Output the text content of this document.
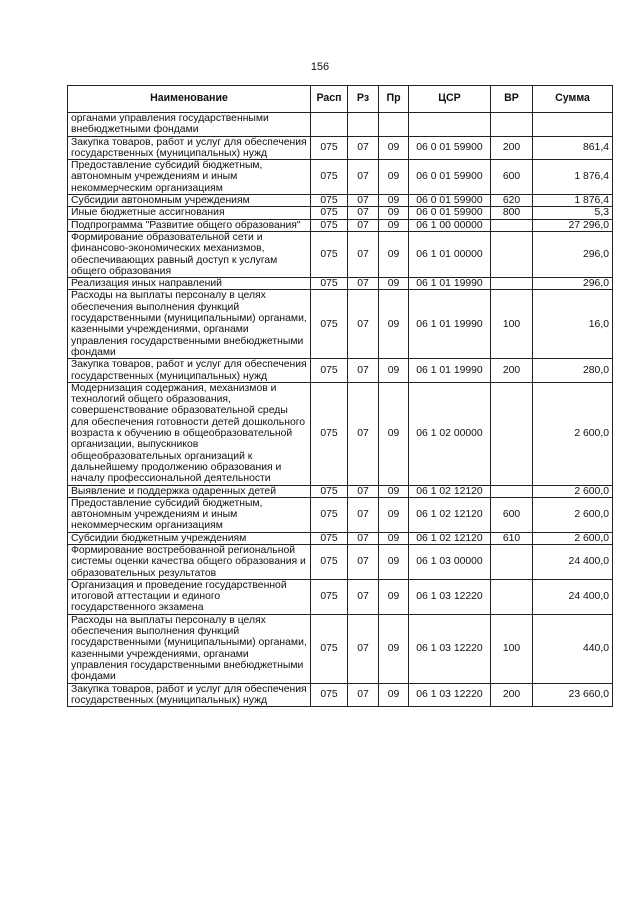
156
Наименование	Расп	Рз	Пр	ЦСР	ВР	Сумма
органами управления государственными внебюджетными фондами						
Закупка товаров, работ и услуг для обеспечения государственных (муниципальных) нужд	075	07	09	06 0 01 59900	200	861,4
Предоставление субсидий бюджетным, автономным учреждениям и иным некоммерческим организациям	075	07	09	06 0 01 59900	600	1 876,4
Субсидии автономным учреждениям	075	07	09	06 0 01 59900	620	1 876,4
Иные бюджетные ассигнования	075	07	09	06 0 01 59900	800	5,3
Подпрограмма "Развитие общего образования"	075	07	09	06 1 00 00000		27 296,0
Формирование образовательной сети и финансово-экономических механизмов, обеспечивающих равный доступ к услугам общего образования	075	07	09	06 1 01 00000		296,0
Реализация иных направлений	075	07	09	06 1 01 19990		296,0
Расходы на выплаты персоналу в целях обеспечения выполнения функций государственными (муниципальными) органами, казенными учреждениями, органами управления государственными внебюджетными фондами	075	07	09	06 1 01 19990	100	16,0
Закупка товаров, работ и услуг для обеспечения государственных (муниципальных) нужд	075	07	09	06 1 01 19990	200	280,0
Модернизация содержания, механизмов и технологий общего образования, совершенствование образовательной среды для обеспечения готовности детей дошкольного возраста к обучению в общеобразовательной организации, выпускников общеобразовательных организаций к дальнейшему продолжению образования и началу профессиональной деятельности	075	07	09	06 1 02 00000		2 600,0
Выявление и поддержка одаренных детей	075	07	09	06 1 02 12120		2 600,0
Предоставление субсидий бюджетным, автономным учреждениям и иным некоммерческим организациям	075	07	09	06 1 02 12120	600	2 600,0
Субсидии бюджетным учреждениям	075	07	09	06 1 02 12120	610	2 600,0
Формирование востребованной региональной системы оценки качества общего образования и образовательных результатов	075	07	09	06 1 03 00000		24 400,0
Организация и проведение государственной итоговой аттестации и единого государственного экзамена	075	07	09	06 1 03 12220		24 400,0
Расходы на выплаты персоналу в целях обеспечения выполнения функций государственными (муниципальными) органами, казенными учреждениями, органами управления государственными внебюджетными фондами	075	07	09	06 1 03 12220	100	440,0
Закупка товаров, работ и услуг для обеспечения государственных (муниципальных) нужд	075	07	09	06 1 03 12220	200	23 660,0
